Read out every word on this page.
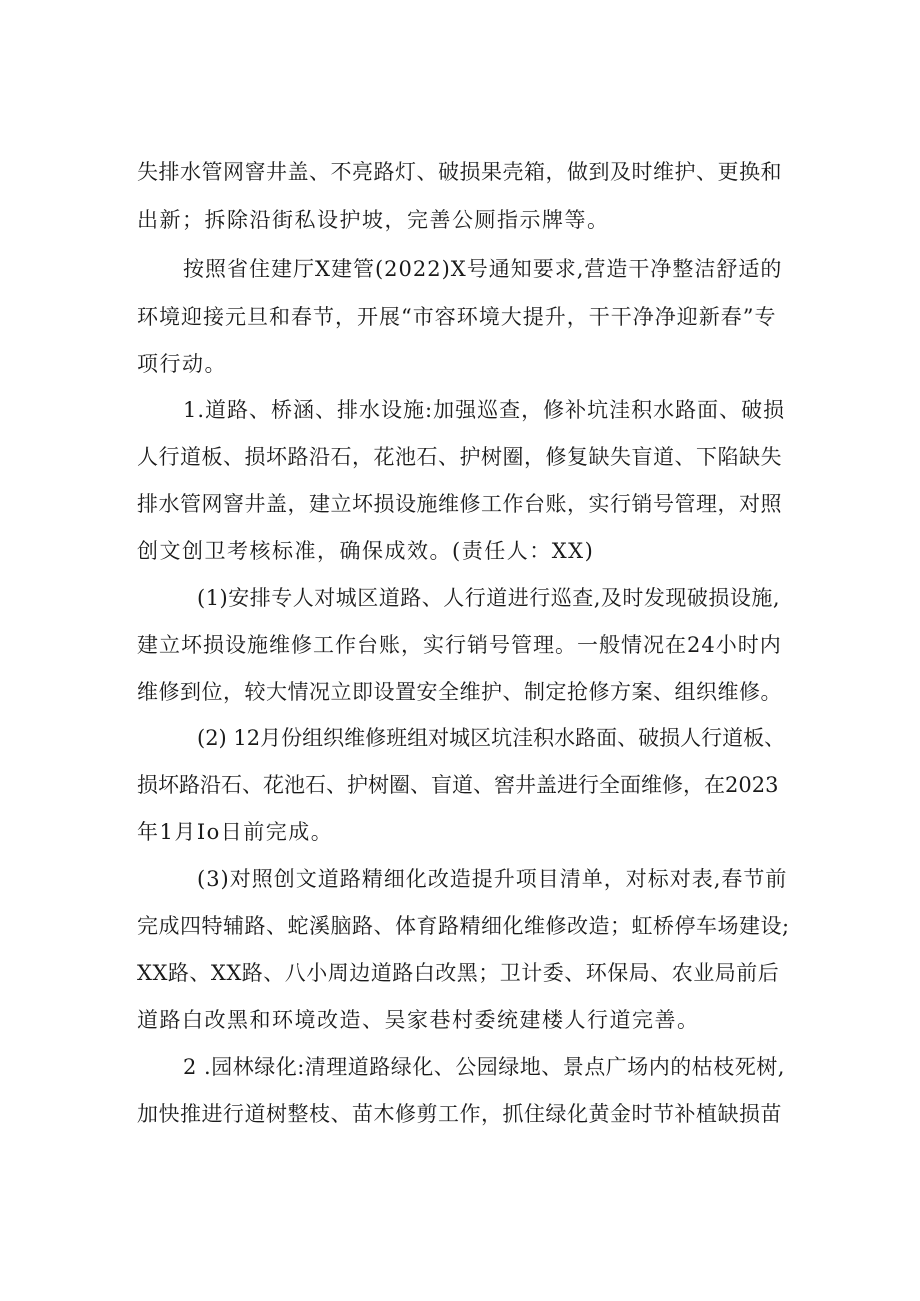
失排水管网窨井盖、不亮路灯、破损果壳箱，做到及时维护、更换和
出新；拆除沿街私设护坡，完善公厕指示牌等。
按照省住建厅X建管(2022)X号通知要求,营造干净整洁舒适的
环境迎接元旦和春节，开展“市容环境大提升，干干净净迎新春”专
项行动。
1.道路、桥涵、排水设施:加强巡查，修补坑洼积水路面、破损
人行道板、损坏路沿石，花池石、护树圈，修复缺失盲道、下陷缺失
排水管网窨井盖，建立坏损设施维修工作台账，实行销号管理，对照
创文创卫考核标准，确保成效。(责任人：XX)
(1)安排专人对城区道路、人行道进行巡查,及时发现破损设施,
建立坏损设施维修工作台账，实行销号管理。一般情况在24小时内
维修到位，较大情况立即设置安全维护、制定抢修方案、组织维修。
(2) 12月份组织维修班组对城区坑洼积水路面、破损人行道板、
损坏路沿石、花池石、护树圈、盲道、窖井盖进行全面维修，在2023
年1月Io日前完成。
(3)对照创文道路精细化改造提升项目清单，对标对表,春节前
完成四特辅路、蛇溪脑路、体育路精细化维修改造；虹桥停车场建设;
XX路、XX路、八小周边道路白改黑；卫计委、环保局、农业局前后
道路白改黑和环境改造、吴家巷村委统建楼人行道完善。
2 .园林绿化:清理道路绿化、公园绿地、景点广场内的枯枝死树,
加快推进行道树整枝、苗木修剪工作，抓住绿化黄金时节补植缺损苗
